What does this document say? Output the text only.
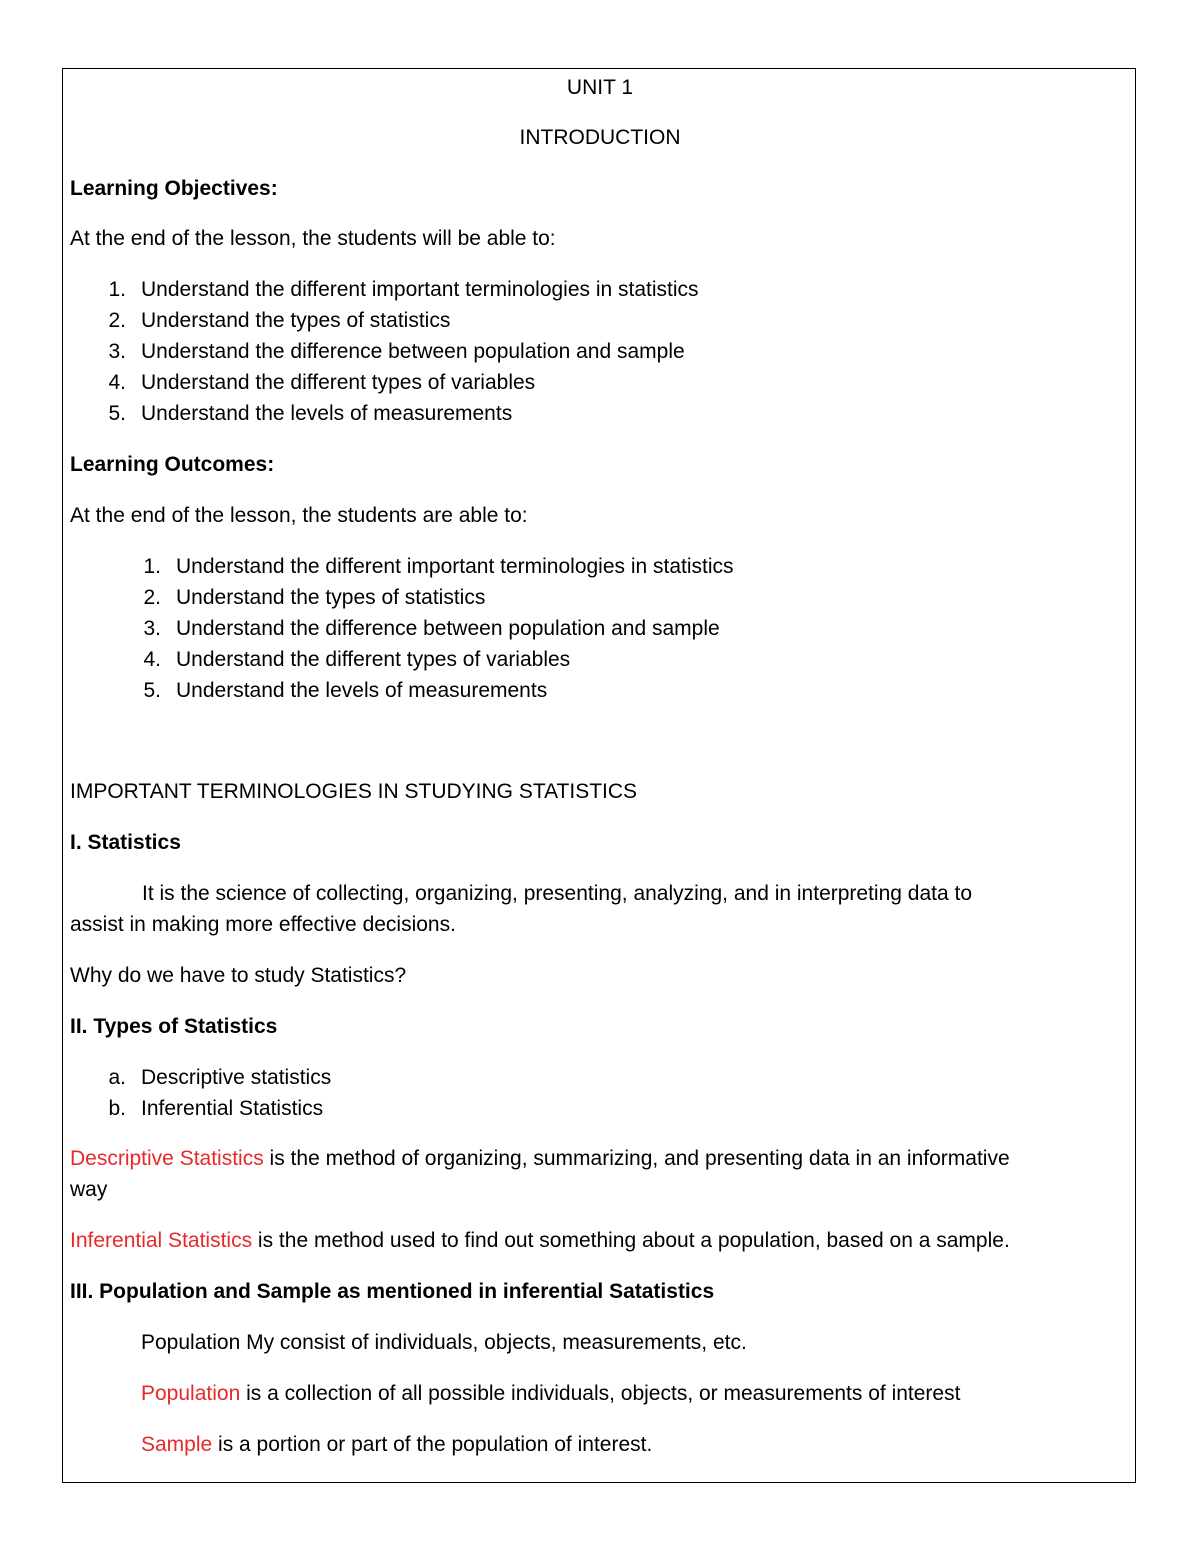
UNIT 1
INTRODUCTION
Learning Objectives:
At the end of the lesson, the students will be able to:
1. Understand the different important terminologies in statistics
2. Understand the types of statistics
3. Understand the difference between population and sample
4. Understand the different types of variables
5. Understand the levels of measurements
Learning Outcomes:
At the end of the lesson, the students are able to:
1. Understand the different important terminologies in statistics
2. Understand the types of statistics
3. Understand the difference between population and sample
4. Understand the different types of variables
5. Understand the levels of measurements
IMPORTANT TERMINOLOGIES IN STUDYING STATISTICS
I. Statistics
It is the science of collecting, organizing, presenting, analyzing, and in interpreting data to
assist in making more effective decisions.
Why do we have to study Statistics?
II. Types of Statistics
a. Descriptive statistics
b. Inferential Statistics
Descriptive Statistics is the method of organizing, summarizing, and presenting data in an informative
way
Inferential Statistics is the method used to find out something about a population, based on a sample.
III. Population and Sample as mentioned in inferential Satatistics
Population My consist of individuals, objects, measurements, etc.
Population is a collection of all possible individuals, objects, or measurements of interest
Sample is a portion or part of the population of interest.
